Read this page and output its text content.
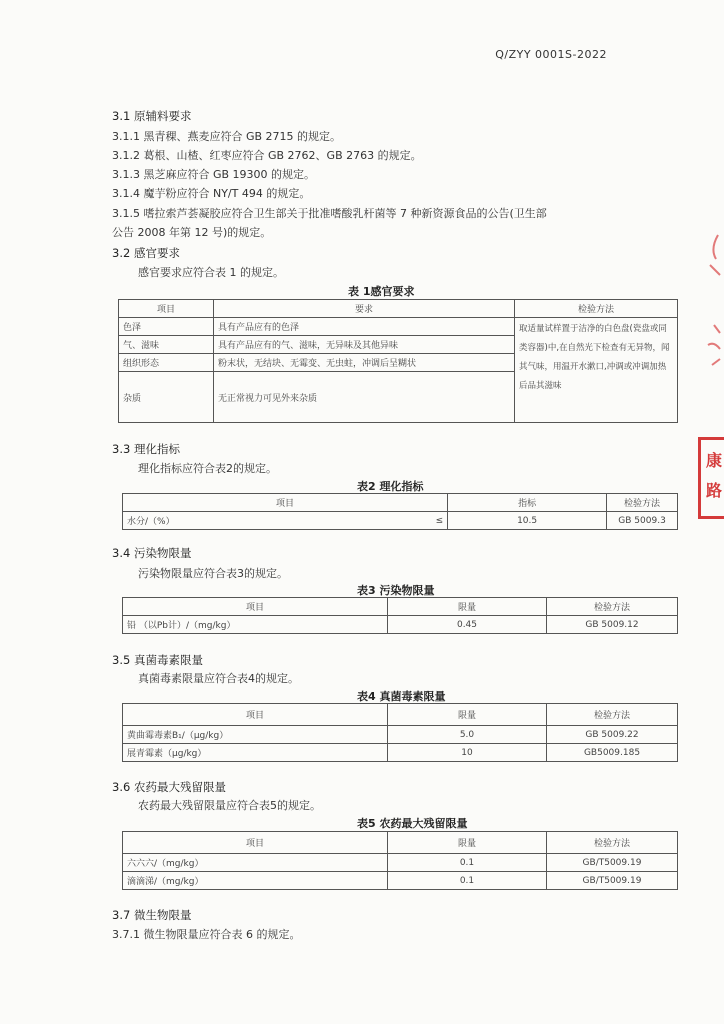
Q/ZYY 0001S-2022
3.1 原辅料要求
3.1.1 黑青稞、燕麦应符合 GB 2715 的规定。
3.1.2 葛根、山楂、红枣应符合 GB 2762、GB 2763 的规定。
3.1.3 黑芝麻应符合 GB 19300 的规定。
3.1.4 魔芋粉应符合 NY/T 494 的规定。
3.1.5 嗜拉索芦荟凝胶应符合卫生部关于批准嗜酸乳杆菌等 7 种新资源食品的公告(卫生部
公告 2008 年第 12 号)的规定。
3.2 感官要求
感官要求应符合表 1 的规定。
表 1感官要求
项目	要求	检验方法
色泽	具有产品应有的色泽	取适量试样置于洁净的白色盘(瓷盘或同类容器)中,在自然光下检查有无异物，闻其气味，用温开水漱口,冲调或冲调加热后品其滋味
气、滋味	具有产品应有的气、滋味，无异味及其他异味	
组织形态	粉末状，无结块、无霉变、无虫蛀，冲调后呈糊状	
杂质	无正常视力可见外来杂质	
3.3 理化指标
理化指标应符合表2的规定。
表2 理化指标
项目		指标	检验方法
水分/（%）	≤	10.5	GB 5009.3
3.4 污染物限量
污染物限量应符合表3的规定。
表3 污染物限量
项目	限量	检验方法
铅 （以Pb计）/（mg/kg）	0.45	GB 5009.12
3.5 真菌毒素限量
真菌毒素限量应符合表4的规定。
表4 真菌毒素限量
项目	限量	检验方法
黄曲霉毒素B₁/（μg/kg）	5.0	GB 5009.22
展青霉素（μg/kg）	10	GB5009.185
3.6 农药最大残留限量
农药最大残留限量应符合表5的规定。
表5 农药最大残留限量
项目	限量	检验方法
六六六/（mg/kg）	0.1	GB/T5009.19
滴滴涕/（mg/kg）	0.1	GB/T5009.19
3.7 微生物限量
3.7.1 微生物限量应符合表 6 的规定。
康
路
